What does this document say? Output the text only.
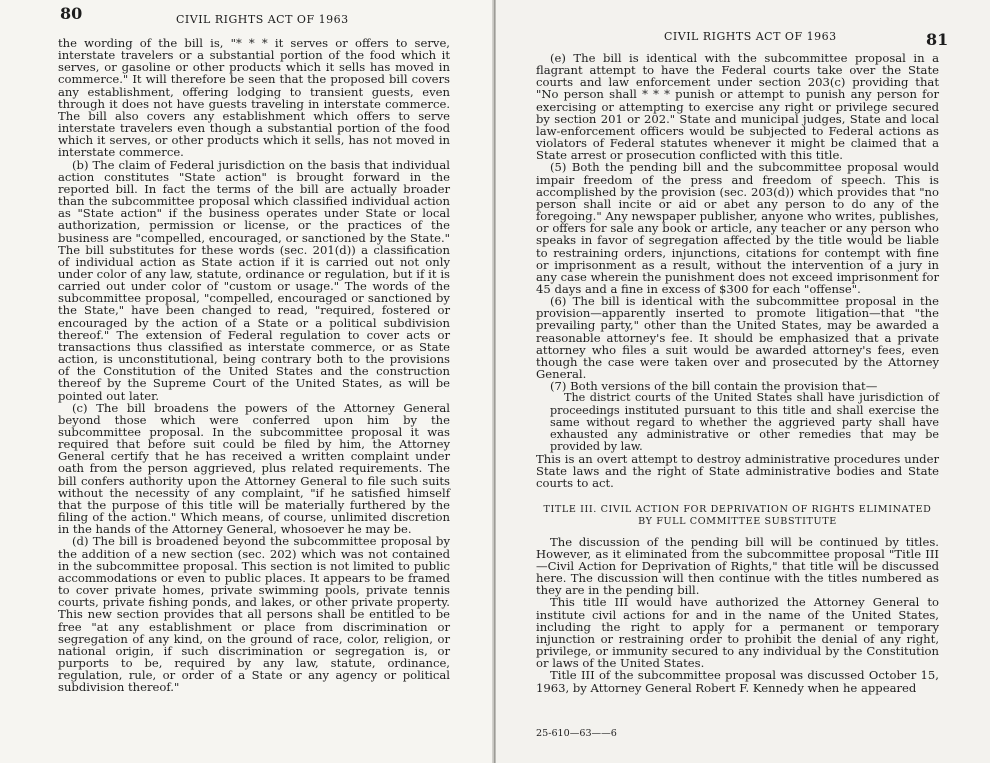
80	CIVIL RIGHTS ACT OF 1963

the wording of the bill is, "* * * it serves or offers to serve, interstate travelers or a substantial portion of the food which it serves, or gasoline or other products which it sells has moved in commerce." It will therefore be seen that the proposed bill covers any establishment, offering lodging to transient guests, even through it does not have guests traveling in interstate commerce. The bill also covers any establishment which offers to serve interstate travelers even though a substantial portion of the food which it serves, or other products which it sells, has not moved in interstate commerce.

(b) The claim of Federal jurisdiction on the basis that individual action constitutes "State action" is brought forward in the reported bill. In fact the terms of the bill are actually broader than the subcommittee proposal which classified individual action as "State action" if the business operates under State or local authorization, permission or license, or the practices of the business are "compelled, encouraged, or sanctioned by the State." The bill substitutes for these words (sec. 201(d)) a classification of individual action as State action if it is carried out not only under color of any law, statute, ordinance or regulation, but if it is carried out under color of "custom or usage." The words of the subcommittee proposal, "compelled, encouraged or sanctioned by the State," have been changed to read, "required, fostered or encouraged by the action of a State or a political subdivision thereof." The extension of Federal regulation to cover acts or transactions thus classified as interstate commerce, or as State action, is unconstitutional, being contrary both to the provisions of the Constitution of the United States and the construction thereof by the Supreme Court of the United States, as will be pointed out later.

(c) The bill broadens the powers of the Attorney General beyond those which were conferred upon him by the subcommittee proposal. In the subcommittee proposal it was required that before suit could be filed by him, the Attorney General certify that he has received a written complaint under oath from the person aggrieved, plus related requirements. The bill confers authority upon the Attorney General to file such suits without the necessity of any complaint, "if he satisfied himself that the purpose of this title will be materially furthered by the filing of the action." Which means, of course, unlimited discretion in the hands of the Attorney General, whosoever he may be.

(d) The bill is broadened beyond the subcommittee proposal by the addition of a new section (sec. 202) which was not contained in the subcommittee proposal. This section is not limited to public accommodations or even to public places. It appears to be framed to cover private homes, private swimming pools, private tennis courts, private fishing ponds, and lakes, or other private property. This new section provides that all persons shall be entitled to be free "at any establishment or place from discrimination or segregation of any kind, on the ground of race, color, religion, or national origin, if such discrimination or segregation is, or purports to be, required by any law, statute, ordinance, regulation, rule, or order of a State or any agency or political subdivision thereof."

CIVIL RIGHTS ACT OF 1963	81

(e) The bill is identical with the subcommittee proposal in a flagrant attempt to have the Federal courts take over the State courts and law enforcement under section 203(c) providing that "No person shall * * * punish or attempt to punish any person for exercising or attempting to exercise any right or privilege secured by section 201 or 202." State and municipal judges, State and local law-enforcement officers would be subjected to Federal actions as violators of Federal statutes whenever it might be claimed that a State arrest or prosecution conflicted with this title.

(5) Both the pending bill and the subcommittee proposal would impair freedom of the press and freedom of speech. This is accomplished by the provision (sec. 203(d)) which provides that "no person shall incite or aid or abet any person to do any of the foregoing." Any newspaper publisher, anyone who writes, publishes, or offers for sale any book or article, any teacher or any person who speaks in favor of segregation affected by the title would be liable to restraining orders, injunctions, citations for contempt with fine or imprisonment as a result, without the intervention of a jury in any case wherein the punishment does not exceed imprisonment for 45 days and a fine in excess of $300 for each "offense".

(6) The bill is identical with the subcommittee proposal in the provision—apparently inserted to promote litigation—that "the prevailing party," other than the United States, may be awarded a reasonable attorney's fee. It should be emphasized that a private attorney who files a suit would be awarded attorney's fees, even though the case were taken over and prosecuted by the Attorney General.

(7) Both versions of the bill contain the provision that—

The district courts of the United States shall have jurisdiction of proceedings instituted pursuant to this title and shall exercise the same without regard to whether the aggrieved party shall have exhausted any administrative or other remedies that may be provided by law.

This is an overt attempt to destroy administrative procedures under State laws and the right of State administrative bodies and State courts to act.

TITLE III. CIVIL ACTION FOR DEPRIVATION OF RIGHTS ELIMINATED BY FULL COMMITTEE SUBSTITUTE

The discussion of the pending bill will be continued by titles. However, as it eliminated from the subcommittee proposal "Title III—Civil Action for Deprivation of Rights," that title will be discussed here. The discussion will then continue with the titles numbered as they are in the pending bill.

This title III would have authorized the Attorney General to institute civil actions for and in the name of the United States, including the right to apply for a permanent or temporary injunction or restraining order to prohibit the denial of any right, privilege, or immunity secured to any individual by the Constitution or laws of the United States.

Title III of the subcommittee proposal was discussed October 15, 1963, by Attorney General Robert F. Kennedy when he appeared

25-610—63——6
